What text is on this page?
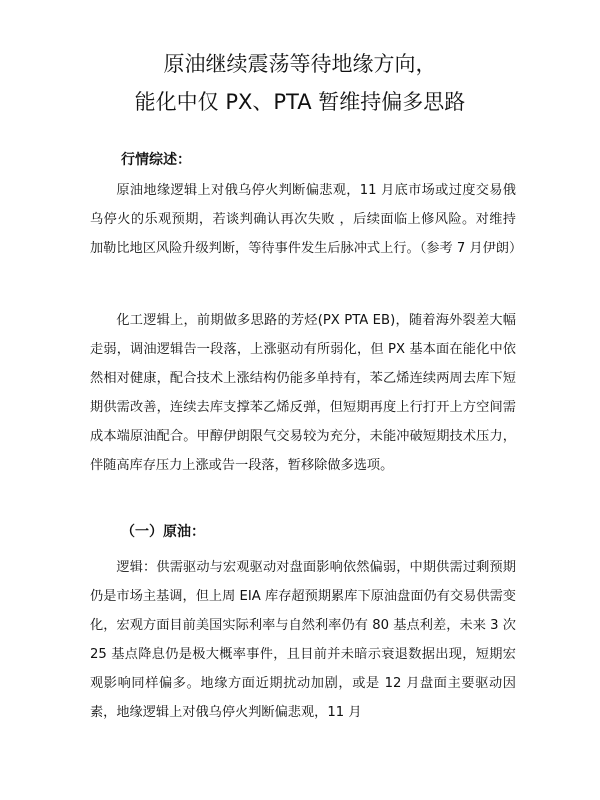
原油继续震荡等待地缘方向，
能化中仅 PX、PTA 暂维持偏多思路
行情综述：

原油地缘逻辑上对俄乌停火判断偏悲观，11 月底市场或过度交易俄乌停火的乐观预期，若谈判确认再次失败 ，后续面临上修风险。对维持加勒比地区风险升级判断，等待事件发生后脉冲式上行。（参考 7 月伊朗）

化工逻辑上，前期做多思路的芳烃(PX PTA EB)，随着海外裂差大幅走弱，调油逻辑告一段落，上涨驱动有所弱化，但 PX 基本面在能化中依然相对健康，配合技术上涨结构仍能多单持有，苯乙烯连续两周去库下短期供需改善，连续去库支撑苯乙烯反弹，但短期再度上行打开上方空间需成本端原油配合。甲醇伊朗限气交易较为充分，未能冲破短期技术压力，伴随高库存压力上涨或告一段落，暂移除做多选项。

（一）原油：

逻辑：供需驱动与宏观驱动对盘面影响依然偏弱，中期供需过剩预期仍是市场主基调，但上周 EIA 库存超预期累库下原油盘面仍有交易供需变化，宏观方面目前美国实际利率与自然利率仍有 80 基点利差，未来 3 次 25 基点降息仍是极大概率事件，且目前并未暗示衰退数据出现，短期宏观影响同样偏多。地缘方面近期扰动加剧，或是 12 月盘面主要驱动因素，地缘逻辑上对俄乌停火判断偏悲观，11 月
